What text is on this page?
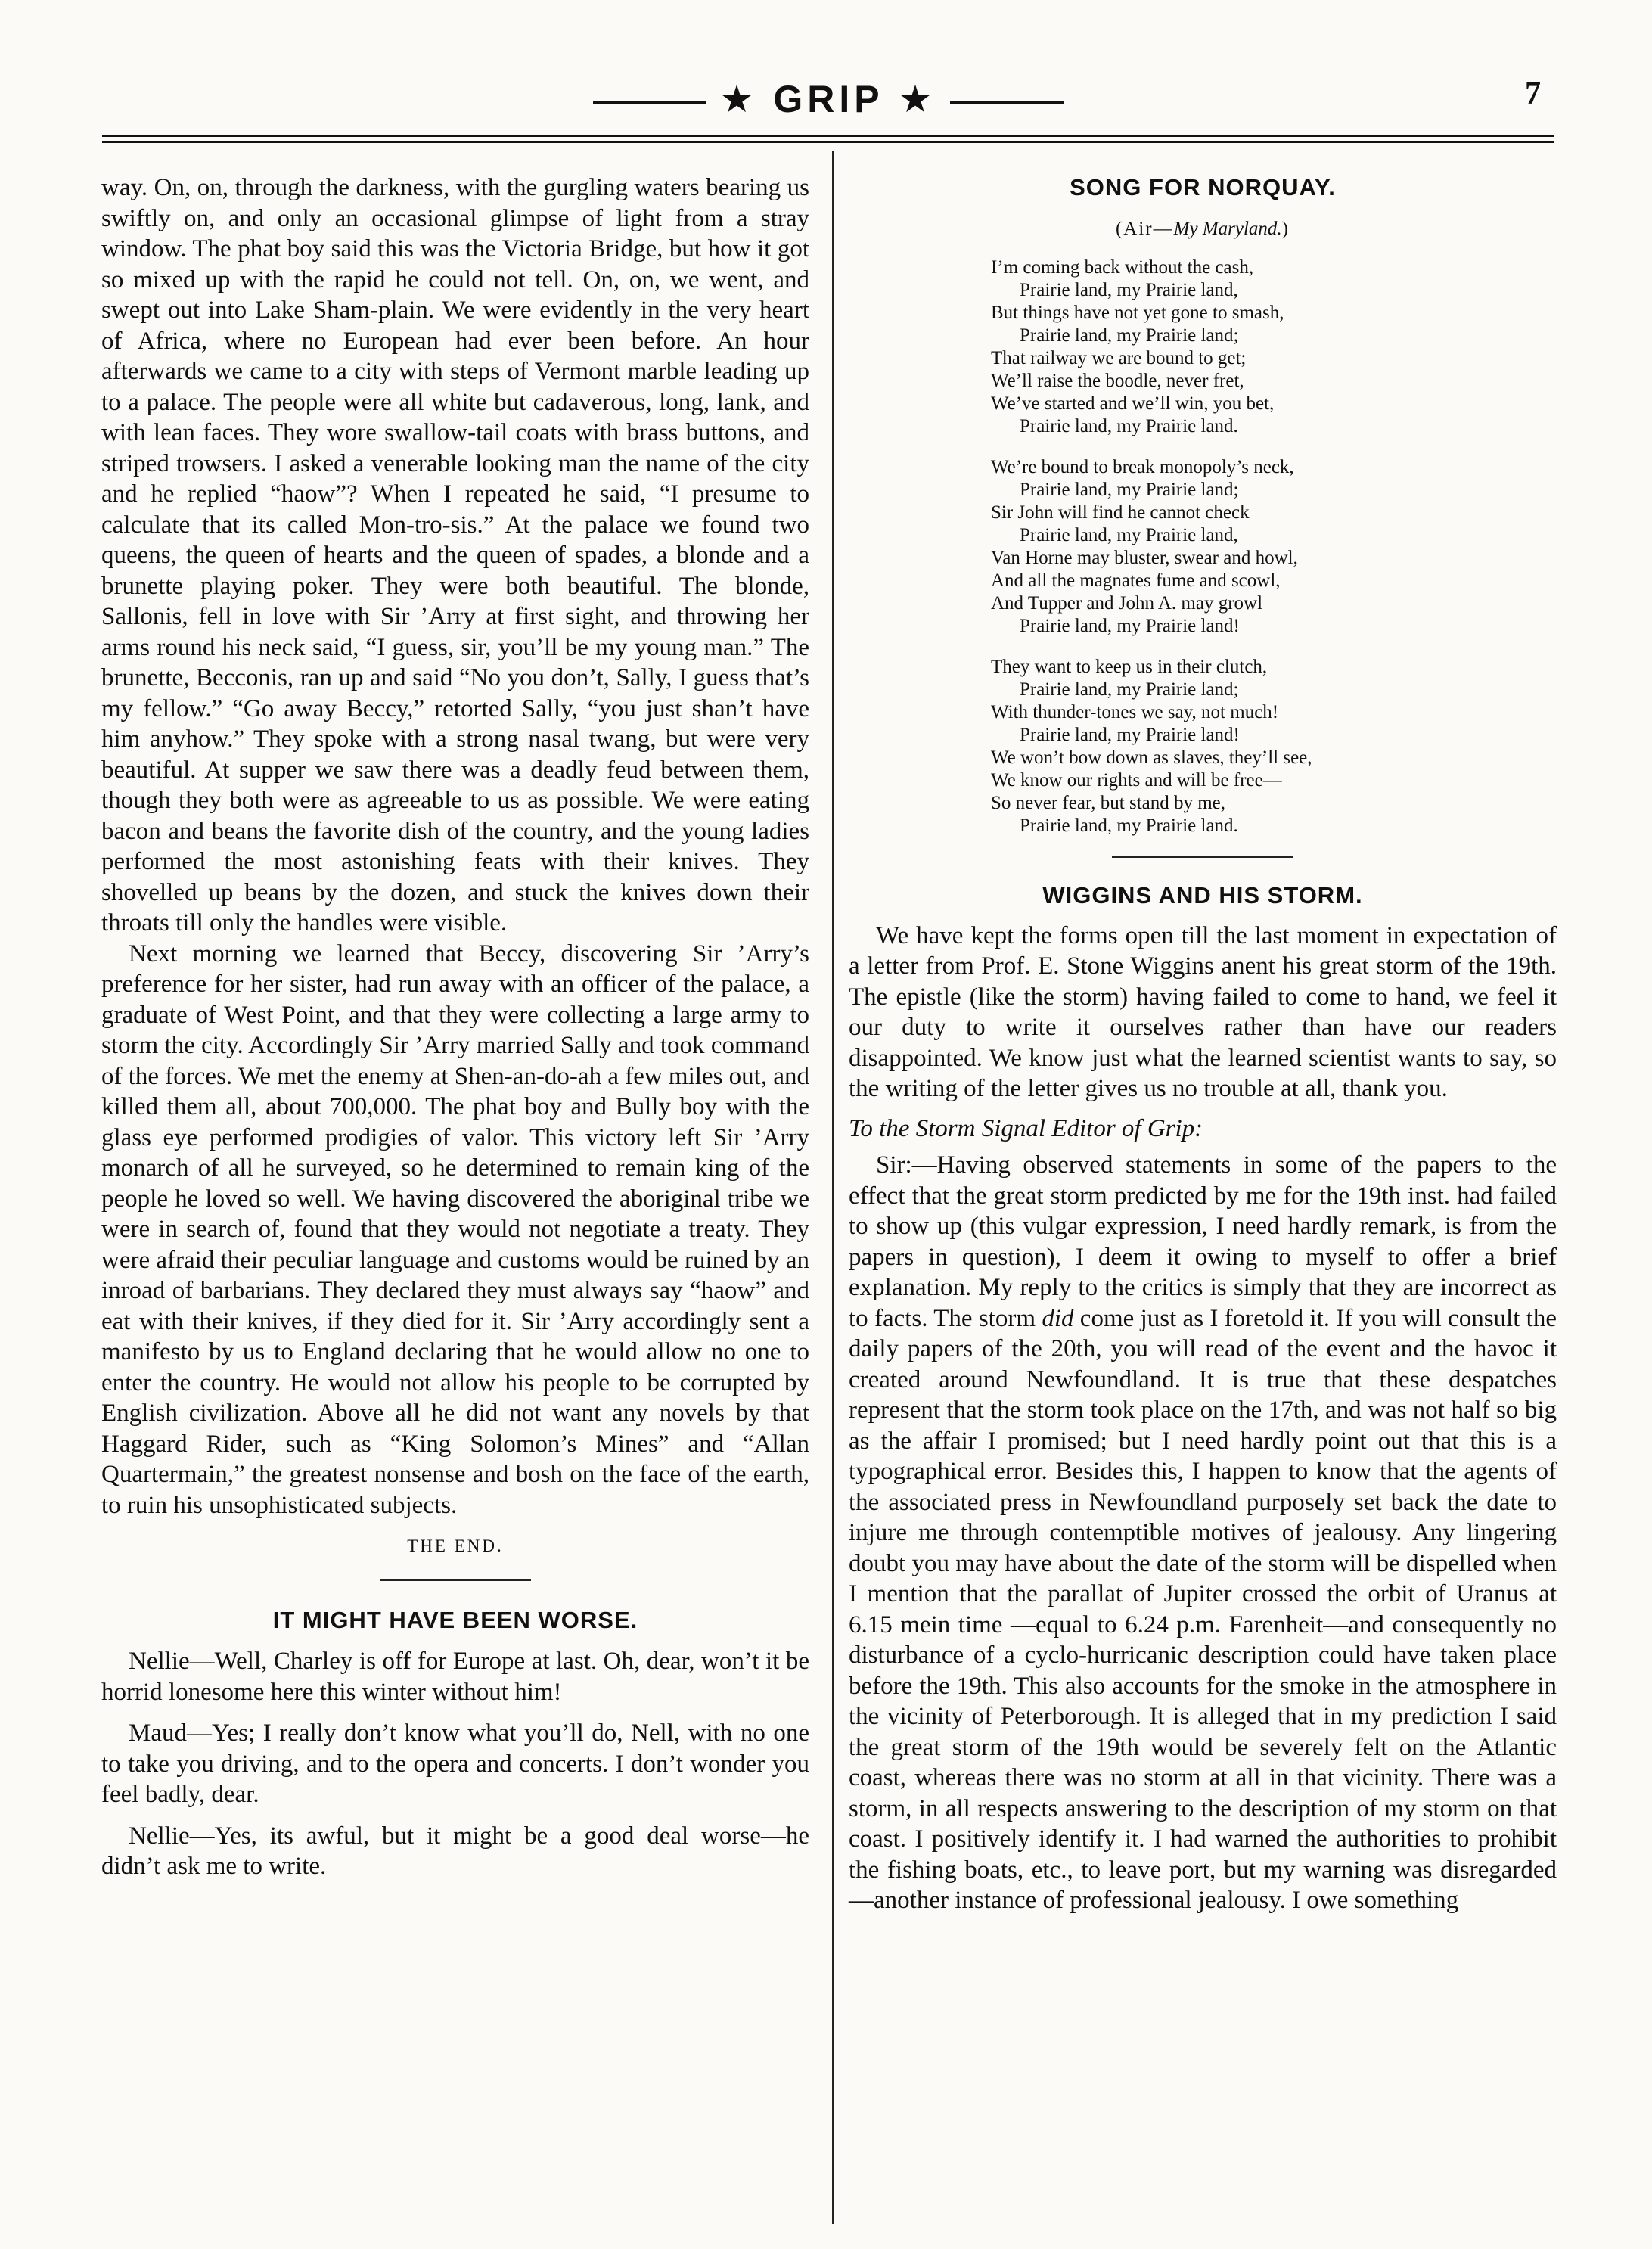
★ GRIP ★	7

way. On, on, through the darkness, with the gurgling waters bearing us swiftly on, and only an occasional glimpse of light from a stray window. The phat boy said this was the Victoria Bridge, but how it got so mixed up with the rapid he could not tell. On, on, we went, and swept out into Lake Sham-plain. We were evidently in the very heart of Africa, where no European had ever been before. An hour afterwards we came to a city with steps of Vermont marble leading up to a palace. The people were all white but cadaverous, long, lank, and with lean faces. They wore swallow-tail coats with brass buttons, and striped trowsers. I asked a venerable looking man the name of the city and he replied “haow”? When I repeated he said, “I presume to calculate that its called Mon-tro-sis.” At the palace we found two queens, the queen of hearts and the queen of spades, a blonde and a brunette playing poker. They were both beautiful. The blonde, Sallonis, fell in love with Sir ’Arry at first sight, and throwing her arms round his neck said, “I guess, sir, you’ll be my young man.” The brunette, Becconis, ran up and said “No you don’t, Sally, I guess that’s my fellow.” “Go away Beccy,” retorted Sally, “you just shan’t have him anyhow.” They spoke with a strong nasal twang, but were very beautiful. At supper we saw there was a deadly feud between them, though they both were as agreeable to us as possible. We were eating bacon and beans the favorite dish of the country, and the young ladies performed the most astonishing feats with their knives. They shovelled up beans by the dozen, and stuck the knives down their throats till only the handles were visible.

Next morning we learned that Beccy, discovering Sir ’Arry’s preference for her sister, had run away with an officer of the palace, a graduate of West Point, and that they were collecting a large army to storm the city. Accordingly Sir ’Arry married Sally and took command of the forces. We met the enemy at Shen-an-do-ah a few miles out, and killed them all, about 700,000. The phat boy and Bully boy with the glass eye performed prodigies of valor. This victory left Sir ’Arry monarch of all he surveyed, so he determined to remain king of the people he loved so well. We having discovered the aboriginal tribe we were in search of, found that they would not negotiate a treaty. They were afraid their peculiar language and customs would be ruined by an inroad of barbarians. They declared they must always say “haow” and eat with their knives, if they died for it. Sir ’Arry accordingly sent a manifesto by us to England declaring that he would allow no one to enter the country. He would not allow his people to be corrupted by English civilization. Above all he did not want any novels by that Haggard Rider, such as “King Solomon’s Mines” and “Allan Quartermain,” the greatest nonsense and bosh on the face of the earth, to ruin his unsophisticated subjects.

THE END.
IT MIGHT HAVE BEEN WORSE.

Nellie—Well, Charley is off for Europe at last. Oh, dear, won’t it be horrid lonesome here this winter without him!

Maud—Yes; I really don’t know what you’ll do, Nell, with no one to take you driving, and to the opera and concerts. I don’t wonder you feel badly, dear.

Nellie—Yes, its awful, but it might be a good deal worse—he didn’t ask me to write.

SONG FOR NORQUAY.
(Air—My Maryland.)
I’m coming back without the cash,
Prairie land, my Prairie land,
But things have not yet gone to smash,
Prairie land, my Prairie land;
That railway we are bound to get;
We’ll raise the boodle, never fret,
We’ve started and we’ll win, you bet,
Prairie land, my Prairie land.
We’re bound to break monopoly’s neck,
Prairie land, my Prairie land;
Sir John will find he cannot check
Prairie land, my Prairie land,
Van Horne may bluster, swear and howl,
And all the magnates fume and scowl,
And Tupper and John A. may growl
Prairie land, my Prairie land!
They want to keep us in their clutch,
Prairie land, my Prairie land;
With thunder-tones we say, not much!
Prairie land, my Prairie land!
We won’t bow down as slaves, they’ll see,
We know our rights and will be free—
So never fear, but stand by me,
Prairie land, my Prairie land.
WIGGINS AND HIS STORM.

We have kept the forms open till the last moment in expectation of a letter from Prof. E. Stone Wiggins anent his great storm of the 19th. The epistle (like the storm) having failed to come to hand, we feel it our duty to write it ourselves rather than have our readers disappointed. We know just what the learned scientist wants to say, so the writing of the letter gives us no trouble at all, thank you.

To the Storm Signal Editor of Grip:

Sir:—Having observed statements in some of the papers to the effect that the great storm predicted by me for the 19th inst. had failed to show up (this vulgar expression, I need hardly remark, is from the papers in question), I deem it owing to myself to offer a brief explanation. My reply to the critics is simply that they are incorrect as to facts. The storm did come just as I foretold it. If you will consult the daily papers of the 20th, you will read of the event and the havoc it created around Newfoundland. It is true that these despatches represent that the storm took place on the 17th, and was not half so big as the affair I promised; but I need hardly point out that this is a typographical error. Besides this, I happen to know that the agents of the associated press in Newfoundland purposely set back the date to injure me through contemptible motives of jealousy. Any lingering doubt you may have about the date of the storm will be dispelled when I mention that the parallat of Jupiter crossed the orbit of Uranus at 6.15 mein time —equal to 6.24 p.m. Farenheit—and consequently no disturbance of a cyclo-hurricanic description could have taken place before the 19th. This also accounts for the smoke in the atmosphere in the vicinity of Peterborough. It is alleged that in my prediction I said the great storm of the 19th would be severely felt on the Atlantic coast, whereas there was no storm at all in that vicinity. There was a storm, in all respects answering to the description of my storm on that coast. I positively identify it. I had warned the authorities to prohibit the fishing boats, etc., to leave port, but my warning was disregarded—another instance of professional jealousy. I owe something
